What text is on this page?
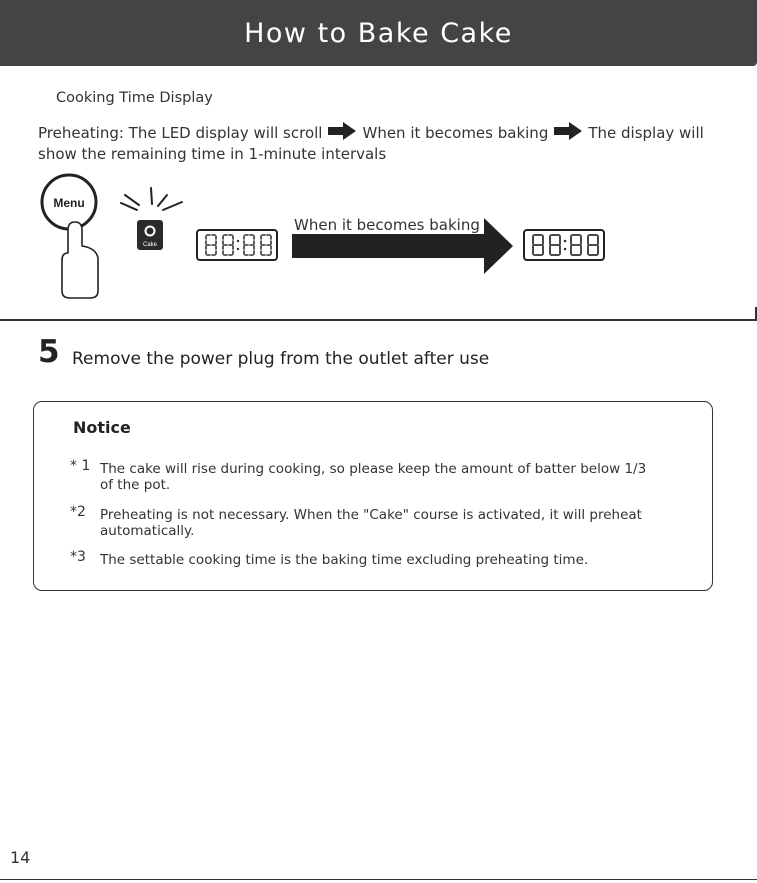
How to Bake Cake
Cooking Time Display
Preheating: The LED display will scroll	When it becomes baking	The display will show the remaining time in 1-minute intervals
Menu
Cake
When it becomes baking
5 Remove the power plug from the outlet after use
Notice
* 1 The cake will rise during cooking, so please keep the amount of batter below 1/3 of the pot.
*2 Preheating is not necessary. When the "Cake" course is activated, it will preheat automatically.
*3 The settable cooking time is the baking time excluding preheating time.
14
